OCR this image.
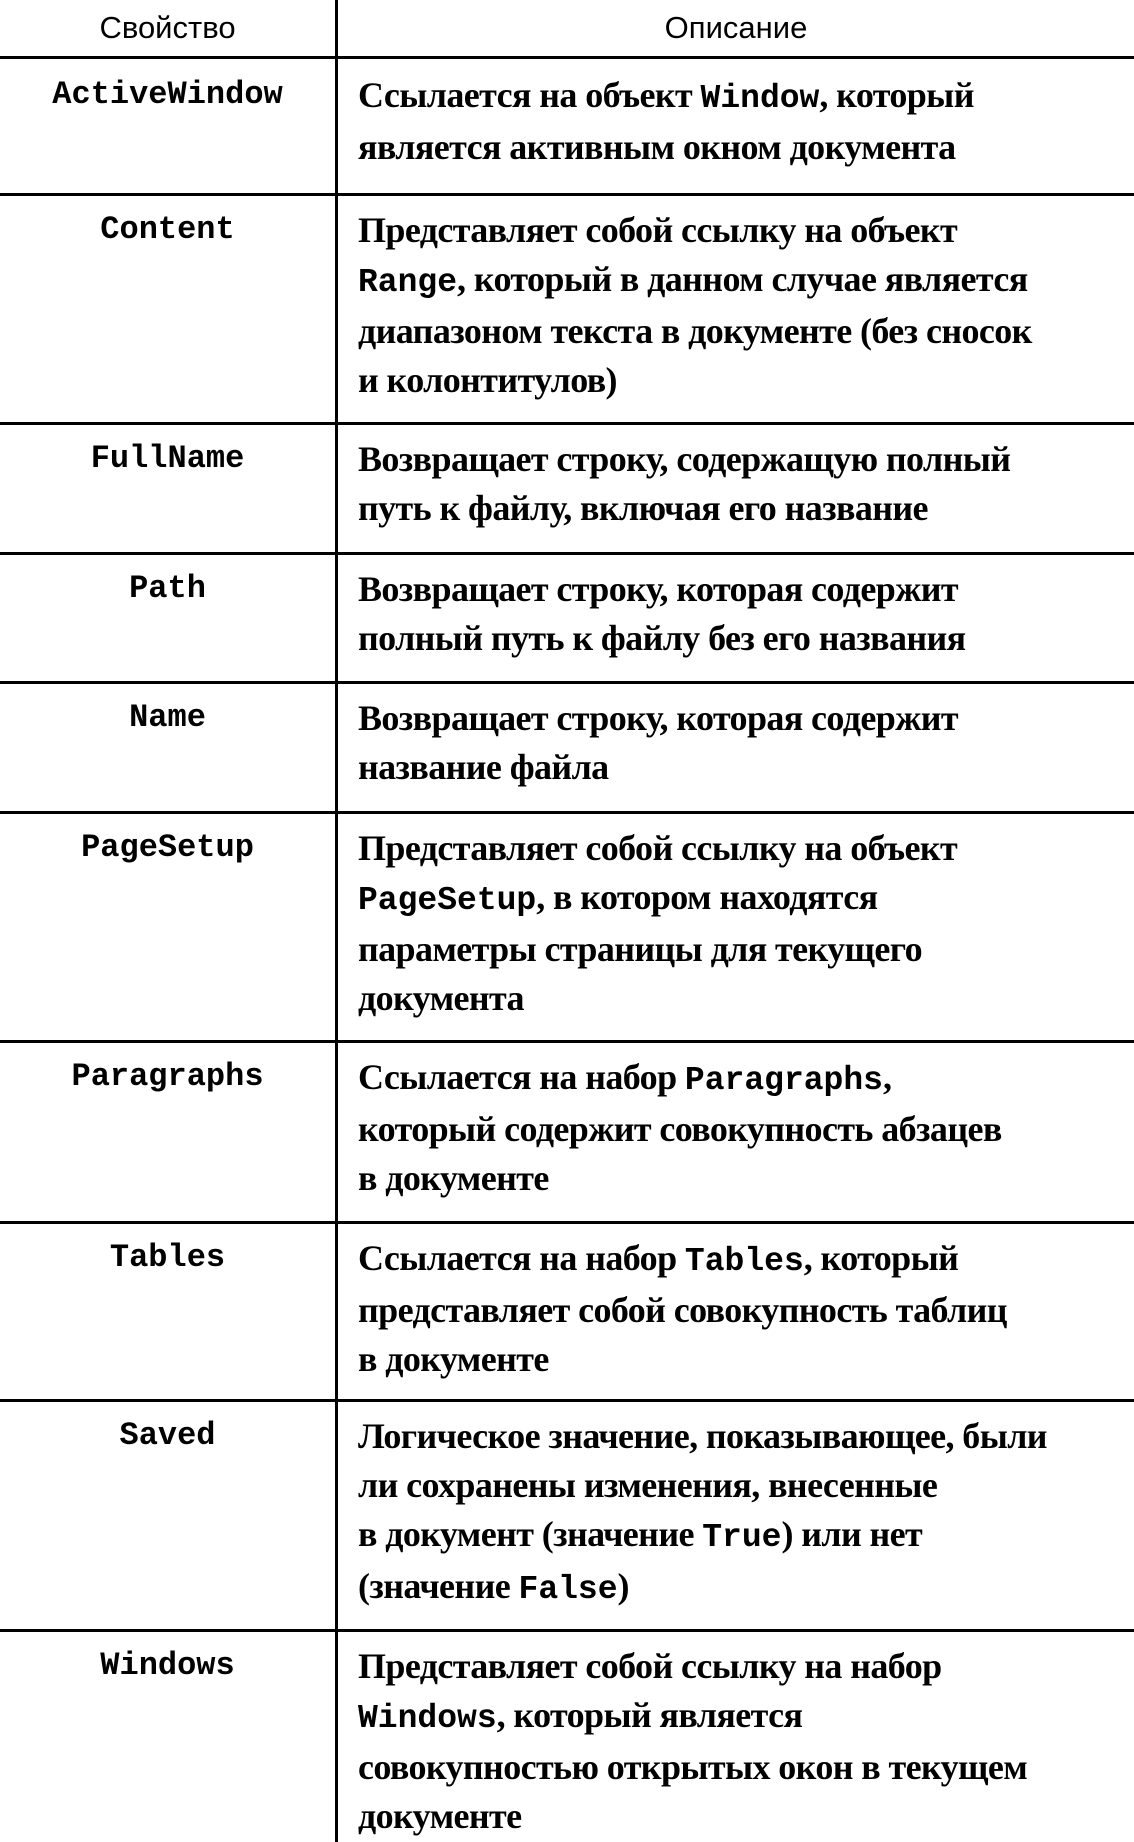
Свойство	Описание
ActiveWindow	Ссылается на объект Window, который
является активным окном документа
Content	Представляет собой ссылку на объект
Range, который в данном случае является
диапазоном текста в документе (без сносок
и колонтитулов)
FullName	Возвращает строку, содержащую полный
путь к файлу, включая его название
Path	Возвращает строку, которая содержит
полный путь к файлу без его названия
Name	Возвращает строку, которая содержит
название файла
PageSetup	Представляет собой ссылку на объект
PageSetup, в котором находятся
параметры страницы для текущего
документа
Paragraphs	Ссылается на набор Paragraphs,
который содержит совокупность абзацев
в документе
Tables	Ссылается на набор Tables, который
представляет собой совокупность таблиц
в документе
Saved	Логическое значение, показывающее, были
ли сохранены изменения, внесенные
в документ (значение True) или нет
(значение False)
Windows	Представляет собой ссылку на набор
Windows, который является
совокупностью открытых окон в текущем
документе
